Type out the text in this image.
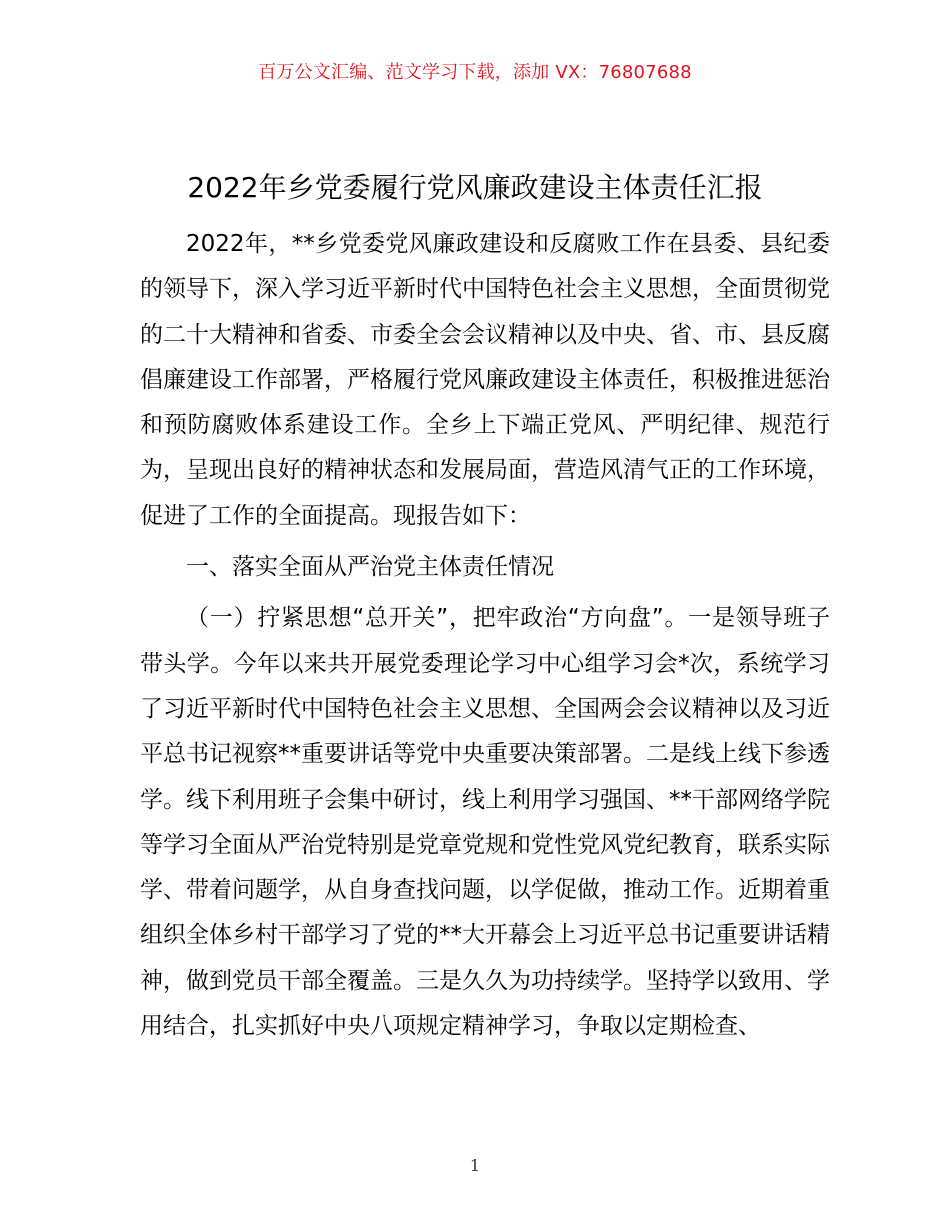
百万公文汇编、范文学习下载，添加 VX：76807688
2022年乡党委履行党风廉政建设主体责任汇报

2022年，**乡党委党风廉政建设和反腐败工作在县委、县纪委的领导下，深入学习近平新时代中国特色社会主义思想，全面贯彻党的二十大精神和省委、市委全会会议精神以及中央、省、市、县反腐倡廉建设工作部署，严格履行党风廉政建设主体责任，积极推进惩治和预防腐败体系建设工作。全乡上下端正党风、严明纪律、规范行为，呈现出良好的精神状态和发展局面，营造风清气正的工作环境，促进了工作的全面提高。现报告如下：

一、落实全面从严治党主体责任情况

（一）拧紧思想“总开关”，把牢政治“方向盘”。一是领导班子带头学。今年以来共开展党委理论学习中心组学习会*次，系统学习了习近平新时代中国特色社会主义思想、全国两会会议精神以及习近平总书记视察**重要讲话等党中央重要决策部署。二是线上线下参透学。线下利用班子会集中研讨，线上利用学习强国、**干部网络学院等学习全面从严治党特别是党章党规和党性党风党纪教育，联系实际学、带着问题学，从自身查找问题，以学促做，推动工作。近期着重组织全体乡村干部学习了党的**大开幕会上习近平总书记重要讲话精神，做到党员干部全覆盖。三是久久为功持续学。坚持学以致用、学用结合，扎实抓好中央八项规定精神学习，争取以定期检查、

1
